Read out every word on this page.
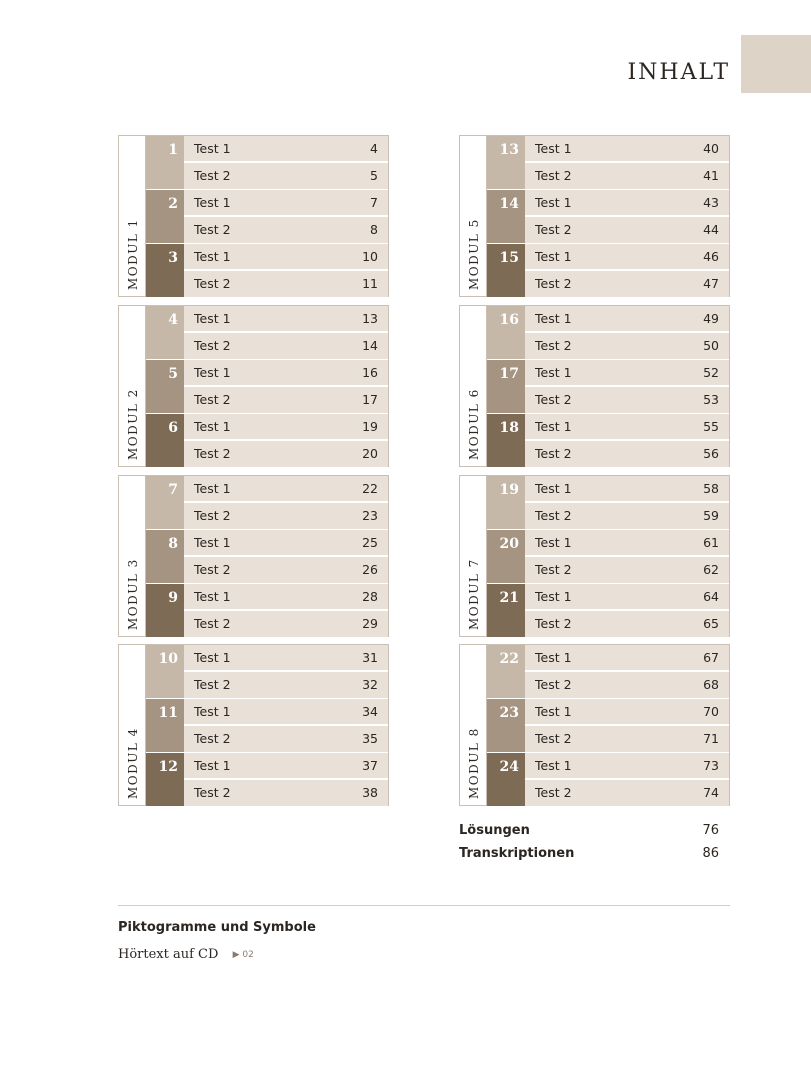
INHALT
MODUL 1
1	Test 1	4
Test 2	5
2	Test 1	7
Test 2	8
3	Test 1	10
Test 2	11
MODUL 2
4	Test 1	13
Test 2	14
5	Test 1	16
Test 2	17
6	Test 1	19
Test 2	20
MODUL 3
7	Test 1	22
Test 2	23
8	Test 1	25
Test 2	26
9	Test 1	28
Test 2	29
MODUL 4
10	Test 1	31
Test 2	32
11	Test 1	34
Test 2	35
12	Test 1	37
Test 2	38
MODUL 5
13	Test 1	40
Test 2	41
14	Test 1	43
Test 2	44
15	Test 1	46
Test 2	47
MODUL 6
16	Test 1	49
Test 2	50
17	Test 1	52
Test 2	53
18	Test 1	55
Test 2	56
MODUL 7
19	Test 1	58
Test 2	59
20	Test 1	61
Test 2	62
21	Test 1	64
Test 2	65
MODUL 8
22	Test 1	67
Test 2	68
23	Test 1	70
Test 2	71
24	Test 1	73
Test 2	74
Lösungen	76
Transkriptionen	86
Piktogramme und Symbole
Hörtext auf CD ▶ 02
